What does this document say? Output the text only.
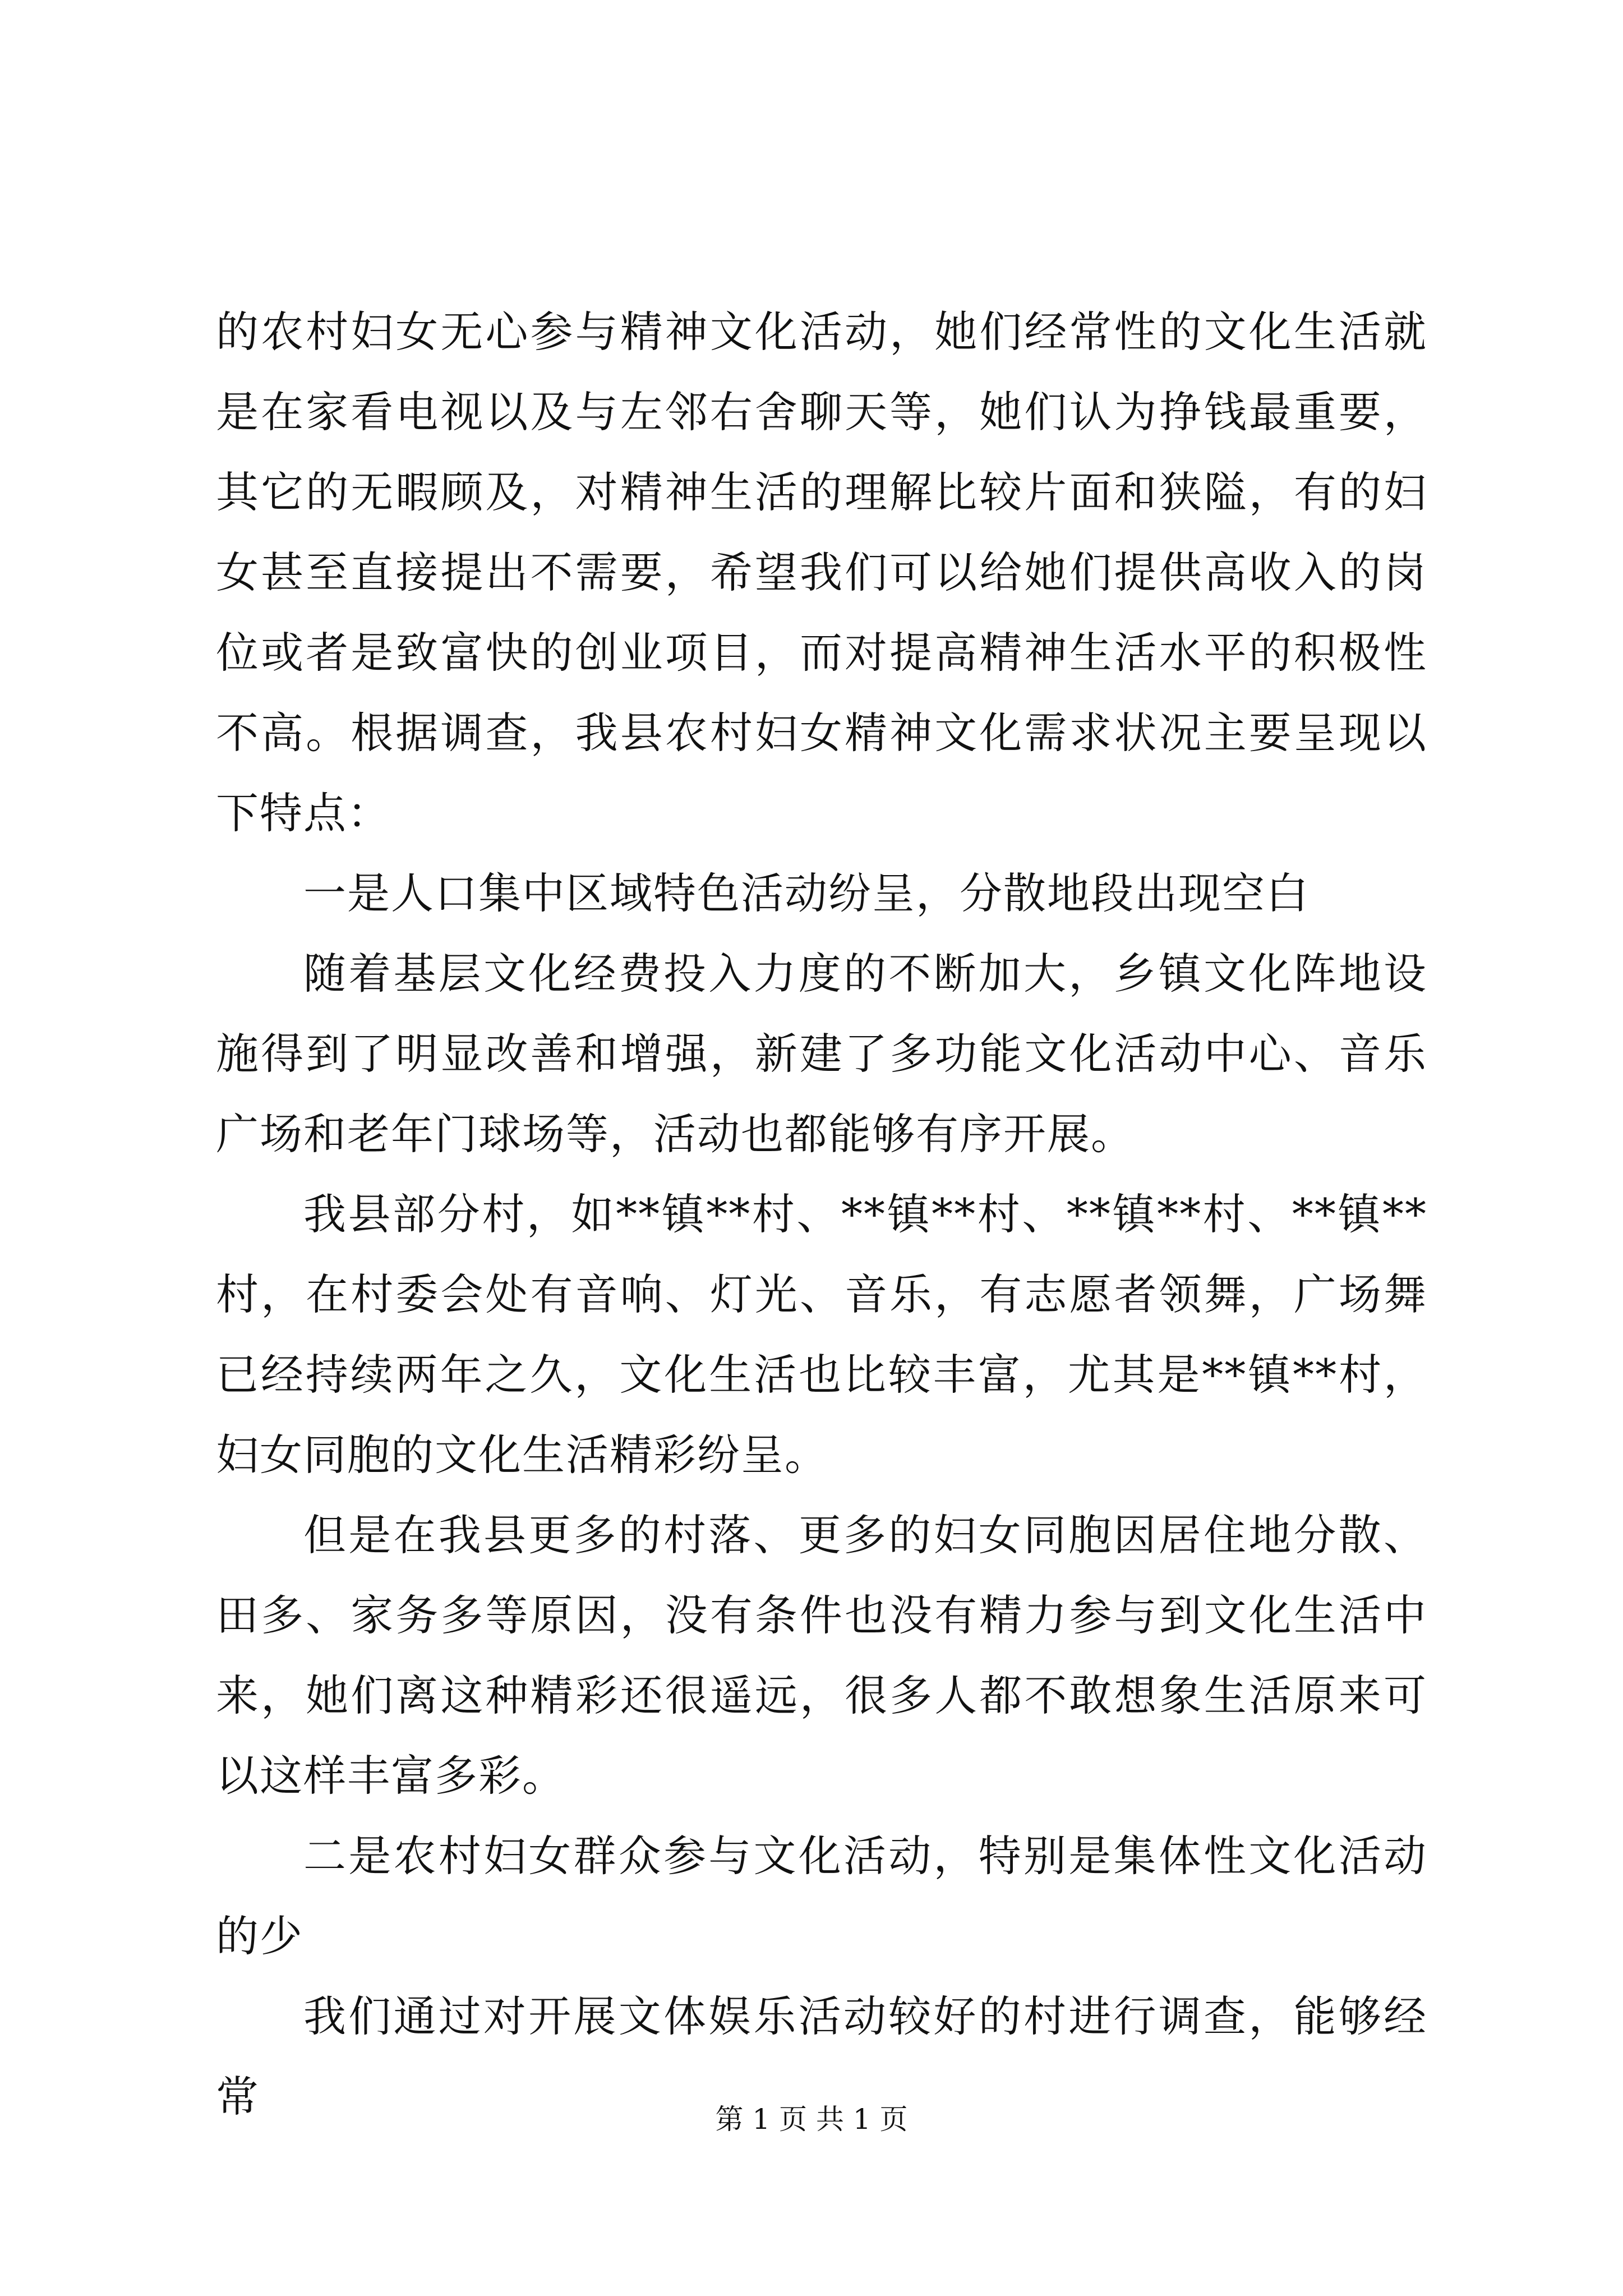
的农村妇女无心参与精神文化活动，她们经常性的文化生活就是在家看电视以及与左邻右舍聊天等，她们认为挣钱最重要，其它的无暇顾及，对精神生活的理解比较片面和狭隘，有的妇女甚至直接提出不需要，希望我们可以给她们提供高收入的岗位或者是致富快的创业项目，而对提高精神生活水平的积极性不高。根据调查，我县农村妇女精神文化需求状况主要呈现以下特点：

一是人口集中区域特色活动纷呈，分散地段出现空白

随着基层文化经费投入力度的不断加大，乡镇文化阵地设施得到了明显改善和增强，新建了多功能文化活动中心、音乐广场和老年门球场等，活动也都能够有序开展。

我县部分村，如**镇**村、**镇**村、**镇**村、**镇**村，在村委会处有音响、灯光、音乐，有志愿者领舞，广场舞已经持续两年之久，文化生活也比较丰富，尤其是**镇**村，妇女同胞的文化生活精彩纷呈。

但是在我县更多的村落、更多的妇女同胞因居住地分散、田多、家务多等原因，没有条件也没有精力参与到文化生活中来，她们离这种精彩还很遥远，很多人都不敢想象生活原来可以这样丰富多彩。

二是农村妇女群众参与文化活动，特别是集体性文化活动的少

我们通过对开展文体娱乐活动较好的村进行调查，能够经常	第 1 页 共 1 页
